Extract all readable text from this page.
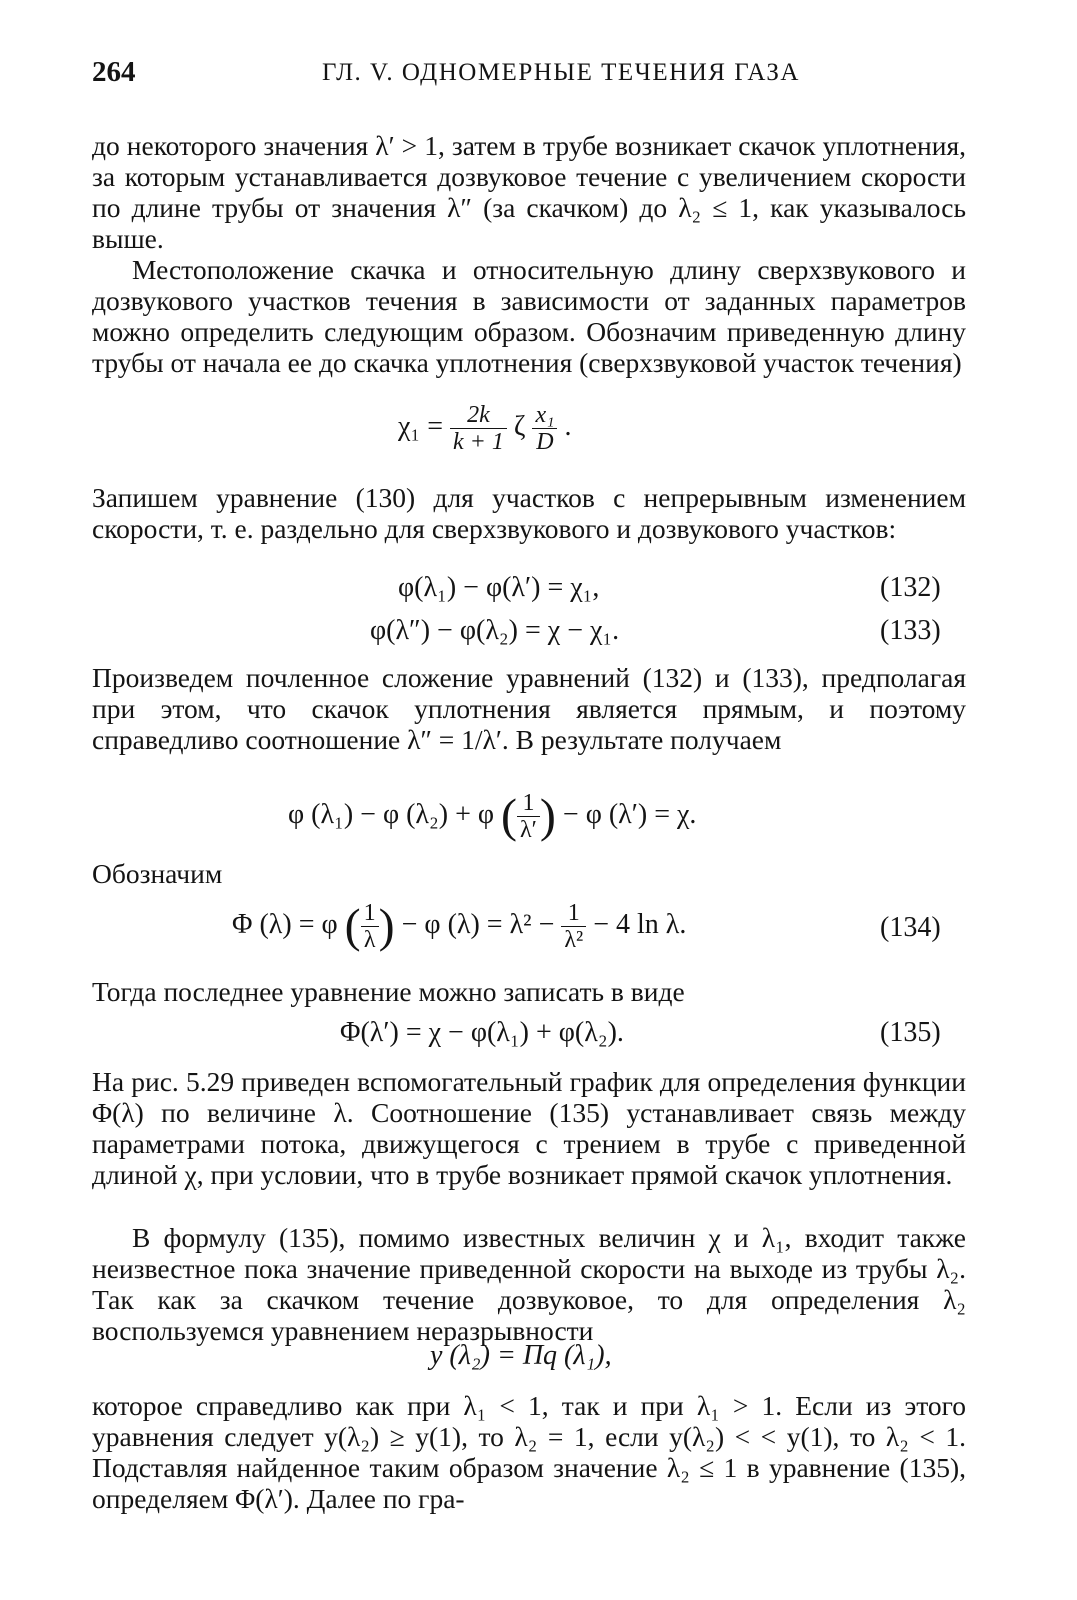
264	ГЛ. V. ОДНОМЕРНЫЕ ТЕЧЕНИЯ ГАЗА

до некоторого значения λ′ > 1, затем в трубе возникает скачок уплотнения, за которым устанавливается дозвуковое течение с увеличением скорости по длине трубы от значения λ″ (за скачком) до λ₂ ≤ 1, как указывалось выше.

Местоположение скачка и относительную длину сверхзвукового и дозвукового участков течения в зависимости от заданных параметров можно определить следующим образом. Обозначим приведенную длину трубы от начала ее до скачка уплотнения (сверхзвуковой участок течения)

$\chi_1 = \frac{2k}{k + 1}$ ζ $\frac{\text{x₁}}{D}$ .

Запишем уравнение (130) для участков с непрерывным изменением скорости, т. е. раздельно для сверхзвукового и дозвукового участков:

φ(λ₁) − φ(λ′) = χ₁,	(132)
φ(λ″) − φ(λ₂) = χ − χ₁.	(133)

Произведем почленное сложение уравнений (132) и (133), предполагая при этом, что скачок уплотнения является прямым, и поэтому справедливо соотношение λ″ = 1/λ′. В результате получаем

φ (λ₁) − φ (λ₂) + φ ( $\frac{1}{\lambda'}$ ) − φ (λ′) = χ.

Обозначим

Φ (λ) = φ ( $\frac{1}{\lambda}$ ) − φ $(\lambda) = \lambda^2 - \frac{1}{\text{λ²}} - 4$ ln λ.	(134)

Тогда последнее уравнение можно записать в виде

Φ(λ′) = χ − φ(λ₁) + φ(λ₂).	(135)

На рис. 5.29 приведен вспомогательный график для определения функции Φ(λ) по величине λ. Соотношение (135) устанавливает связь между параметрами потока, движущегося с трением в трубе с приведенной длиной χ, при условии, что в трубе возникает прямой скачок уплотнения.

В формулу (135), помимо известных величин χ и λ₁, входит также неизвестное пока значение приведенной скорости на выходе из трубы λ₂. Так как за скачком течение дозвуковое, то для определения λ₂ воспользуемся уравнением неразрывности

y (λ₂) = Πq (λ₁),

которое справедливо как при λ₁ < 1, так и при λ₁ > 1. Если из этого уравнения следует y(λ₂) ≥ y(1), то λ₂ = 1, если y(λ₂) < < y(1), то λ₂ < 1. Подставляя найденное таким образом значение λ₂ ≤ 1 в уравнение (135), определяем Φ(λ′). Далее по гра-
